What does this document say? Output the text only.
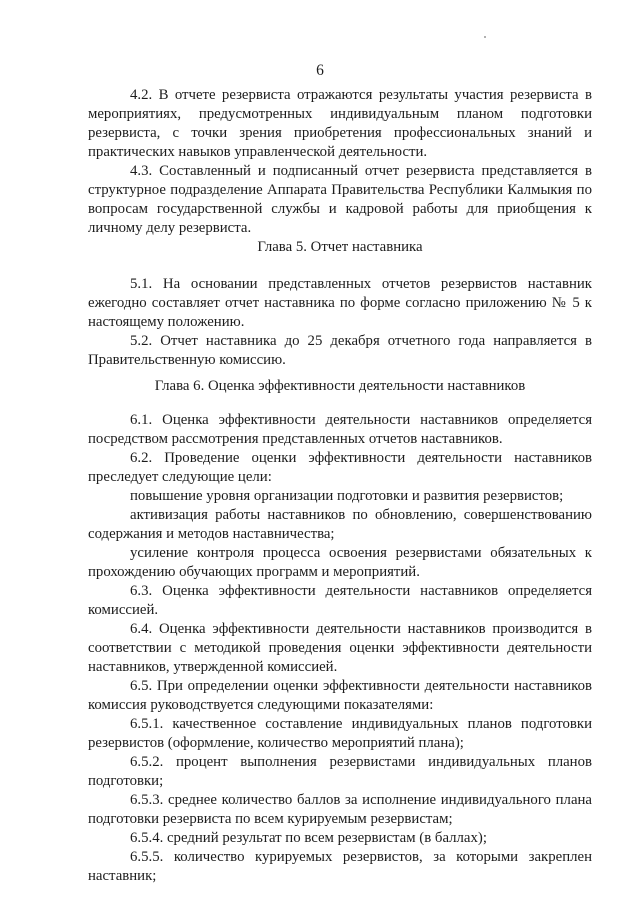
6

4.2. В отчете резервиста отражаются результаты участия резервиста в мероприятиях, предусмотренных индивидуальным планом подготовки резервиста, с точки зрения приобретения профессиональных знаний и практических навыков управленческой деятельности.

4.3. Составленный и подписанный отчет резервиста представляется в структурное подразделение Аппарата Правительства Республики Калмыкия по вопросам государственной службы и кадровой работы для приобщения к личному делу резервиста.

Глава 5. Отчет наставника

5.1. На основании представленных отчетов резервистов наставник ежегодно составляет отчет наставника по форме согласно приложению № 5 к настоящему положению.

5.2. Отчет наставника до 25 декабря отчетного года направляется в Правительственную комиссию.

Глава 6. Оценка эффективности деятельности наставников

6.1. Оценка эффективности деятельности наставников определяется посредством рассмотрения представленных отчетов наставников.

6.2. Проведение оценки эффективности деятельности наставников преследует следующие цели:

повышение уровня организации подготовки и развития резервистов;

активизация работы наставников по обновлению, совершенствованию содержания и методов наставничества;

усиление контроля процесса освоения резервистами обязательных к прохождению обучающих программ и мероприятий.

6.3. Оценка эффективности деятельности наставников определяется комиссией.

6.4. Оценка эффективности деятельности наставников производится в соответствии с методикой проведения оценки эффективности деятельности наставников, утвержденной комиссией.

6.5. При определении оценки эффективности деятельности наставников комиссия руководствуется следующими показателями:

6.5.1. качественное составление индивидуальных планов подготовки резервистов (оформление, количество мероприятий плана);

6.5.2. процент выполнения резервистами индивидуальных планов подготовки;

6.5.3. среднее количество баллов за исполнение индивидуального плана подготовки резервиста по всем курируемым резервистам;

6.5.4. средний результат по всем резервистам (в баллах);

6.5.5. количество курируемых резервистов, за которыми закреплен наставник;
